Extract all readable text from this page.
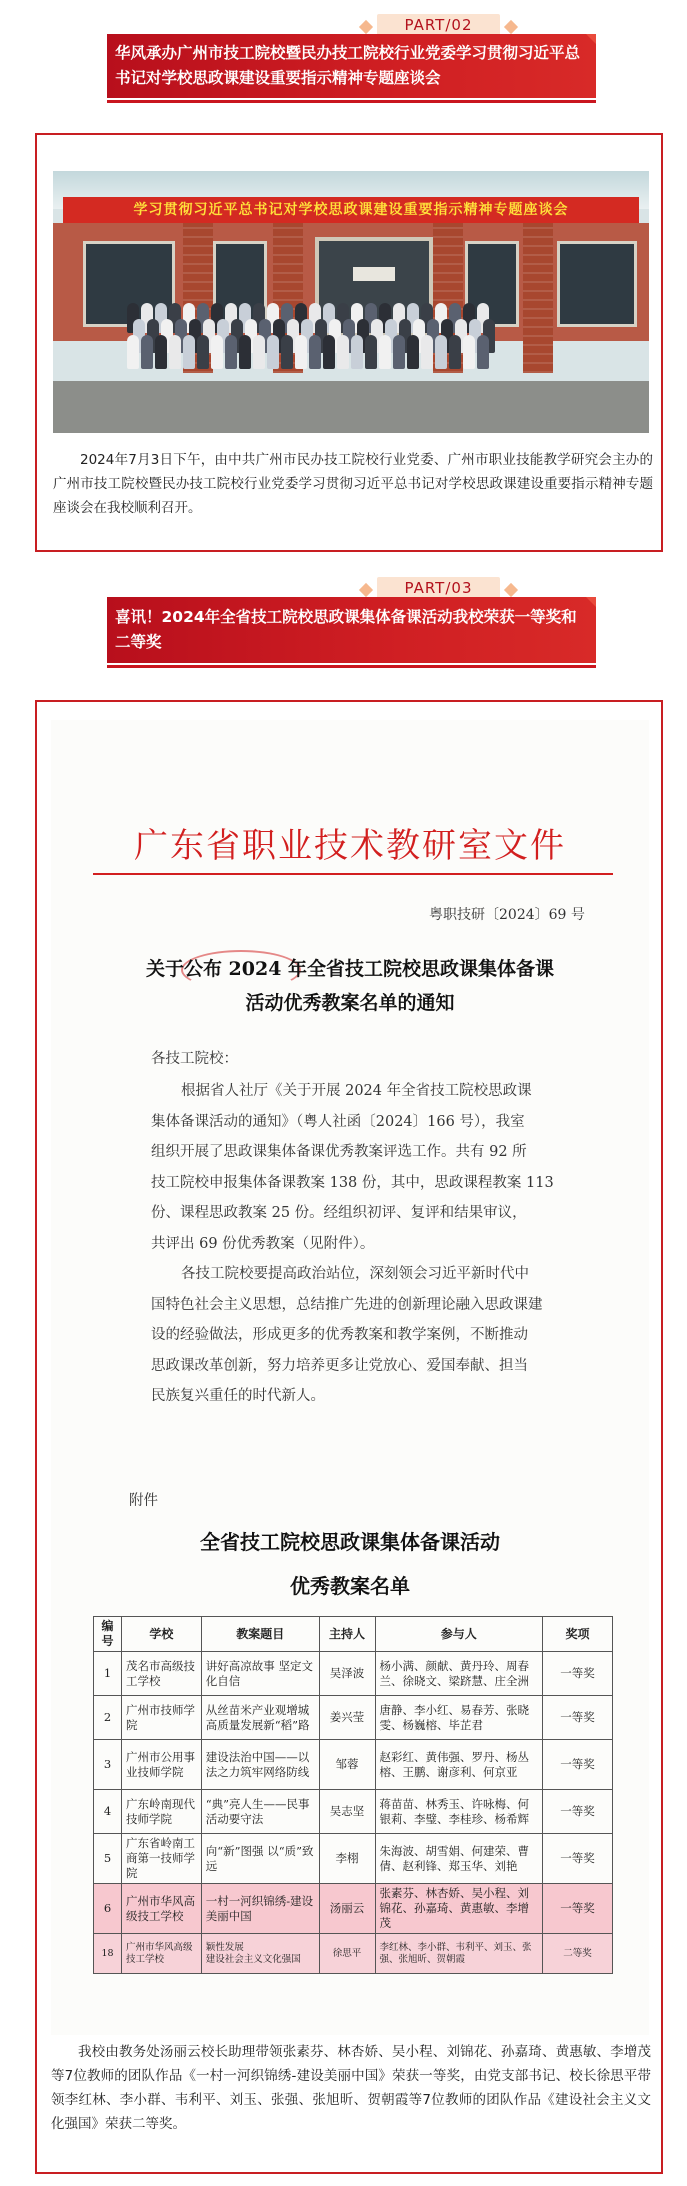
PART/02
华风承办广州市技工院校暨民办技工院校行业党委学习贯彻习近平总书记对学校思政课建设重要指示精神专题座谈会
学习贯彻习近平总书记对学校思政课建设重要指示精神专题座谈会

2024年7月3日下午，由中共广州市民办技工院校行业党委、广州市职业技能教学研究会主办的广州市技工院校暨民办技工院校行业党委学习贯彻习近平总书记对学校思政课建设重要指示精神专题座谈会在我校顺利召开。

PART/03
喜讯！2024年全省技工院校思政课集体备课活动我校荣获一等奖和二等奖
广东省职业技术教研室文件
粤职技研〔2024〕69 号
关于公布 2024 年全省技工院校思政课集体备课
活动优秀教案名单的通知
各技工院校：
根据省人社厅《关于开展 2024 年全省技工院校思政课
集体备课活动的通知》（粤人社函〔2024〕166 号），我室
组织开展了思政课集体备课优秀教案评选工作。共有 92 所
技工院校申报集体备课教案 138 份，其中，思政课程教案 113
份、课程思政教案 25 份。经组织初评、复评和结果审议，
共评出 69 份优秀教案（见附件）。
各技工院校要提高政治站位，深刻领会习近平新时代中
国特色社会主义思想，总结推广先进的创新理论融入思政课建
设的经验做法，形成更多的优秀教案和教学案例，不断推动
思政课改革创新，努力培养更多让党放心、爱国奉献、担当
民族复兴重任的时代新人。
附件
全省技工院校思政课集体备课活动
优秀教案名单
编号	学校	教案题目	主持人	参与人	奖项
1	茂名市高级技工学校	讲好高凉故事 坚定文化自信	吴泽波	杨小满、颜献、黄丹玲、周春兰、徐晓文、梁跻慧、庄全洲	一等奖
2	广州市技师学院	从丝苗米产业观增城高质量发展新“稻”路	姜兴莹	唐静、李小红、易春芳、张晓雯、杨巍榕、毕芷君	一等奖
3	广州市公用事业技师学院	建设法治中国——以法之力筑牢网络防线	邹蓉	赵彩红、黄伟强、罗丹、杨丛榕、王鹏、谢彦利、何京亚	一等奖
4	广东岭南现代技师学院	“典”亮人生——民事活动要守法	吴志坚	蒋苗苗、林秀玉、许咏梅、何银莉、李璧、李桂珍、杨希辉	一等奖
5	广东省岭南工商第一技师学院	向“新”图强 以“质”致远	李栩	朱海波、胡雪娟、何建荣、曹倩、赵利锋、郑玉华、刘艳	一等奖
6	广州市华风高级技工学校	一村一河织锦绣-建设美丽中国	汤丽云	张素芬、林杏娇、吴小程、刘锦花、孙嘉琦、黄惠敏、李增茂	一等奖
18	广州市华风高级技工学校	颖性发展
建设社会主义文化强国	徐思平	李红林、李小群、韦利平、刘玉、张强、张旭昕、贺朝霞	二等奖

我校由教务处汤丽云校长助理带领张素芬、林杏娇、吴小程、刘锦花、孙嘉琦、黄惠敏、李增茂等7位教师的团队作品《一村一河织锦绣-建设美丽中国》荣获一等奖，由党支部书记、校长徐思平带领李红林、李小群、韦利平、刘玉、张强、张旭昕、贺朝霞等7位教师的团队作品《建设社会主义文化强国》荣获二等奖。
